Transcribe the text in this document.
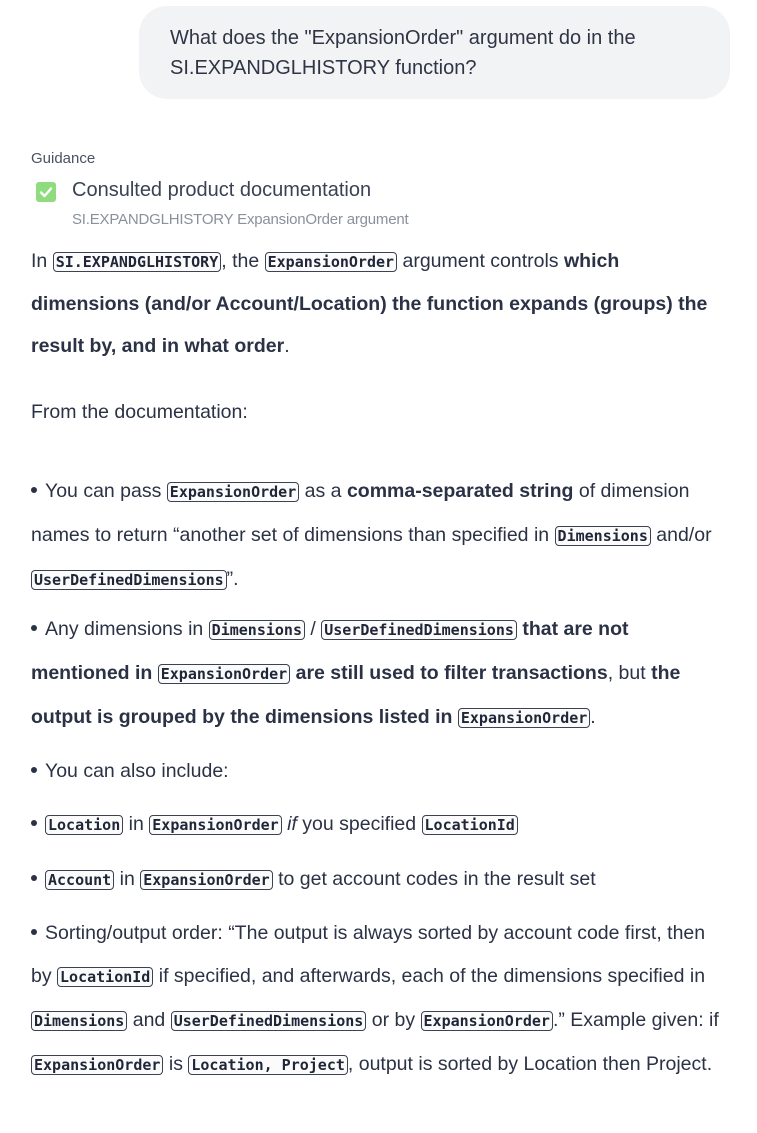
What does the "ExpansionOrder" argument do in the SI.EXPANDGLHISTORY function?
Guidance
Consulted product documentation
SI.EXPANDGLHISTORY ExpansionOrder argument

In SI.EXPANDGLHISTORY , the ExpansionOrder argument controls which dimensions (and/or Account/Location) the function expands (groups) the result by, and in what order.

From the documentation:
You can pass ExpansionOrder as a comma-separated string of dimension names to return “another set of dimensions than specified in Dimensions and/or UserDefinedDimensions ”.
Any dimensions in Dimensions / UserDefinedDimensions that are not mentioned in ExpansionOrder are still used to filter transactions, but the output is grouped by the dimensions listed in ExpansionOrder .
You can also include:
Location in ExpansionOrder if you specified LocationId
Account in ExpansionOrder to get account codes in the result set
Sorting/output order: “The output is always sorted by account code first, then by LocationId if specified, and afterwards, each of the dimensions specified in Dimensions and UserDefinedDimensions or by ExpansionOrder .” Example given: if ExpansionOrder is Location, Project , output is sorted by Location then Project.
